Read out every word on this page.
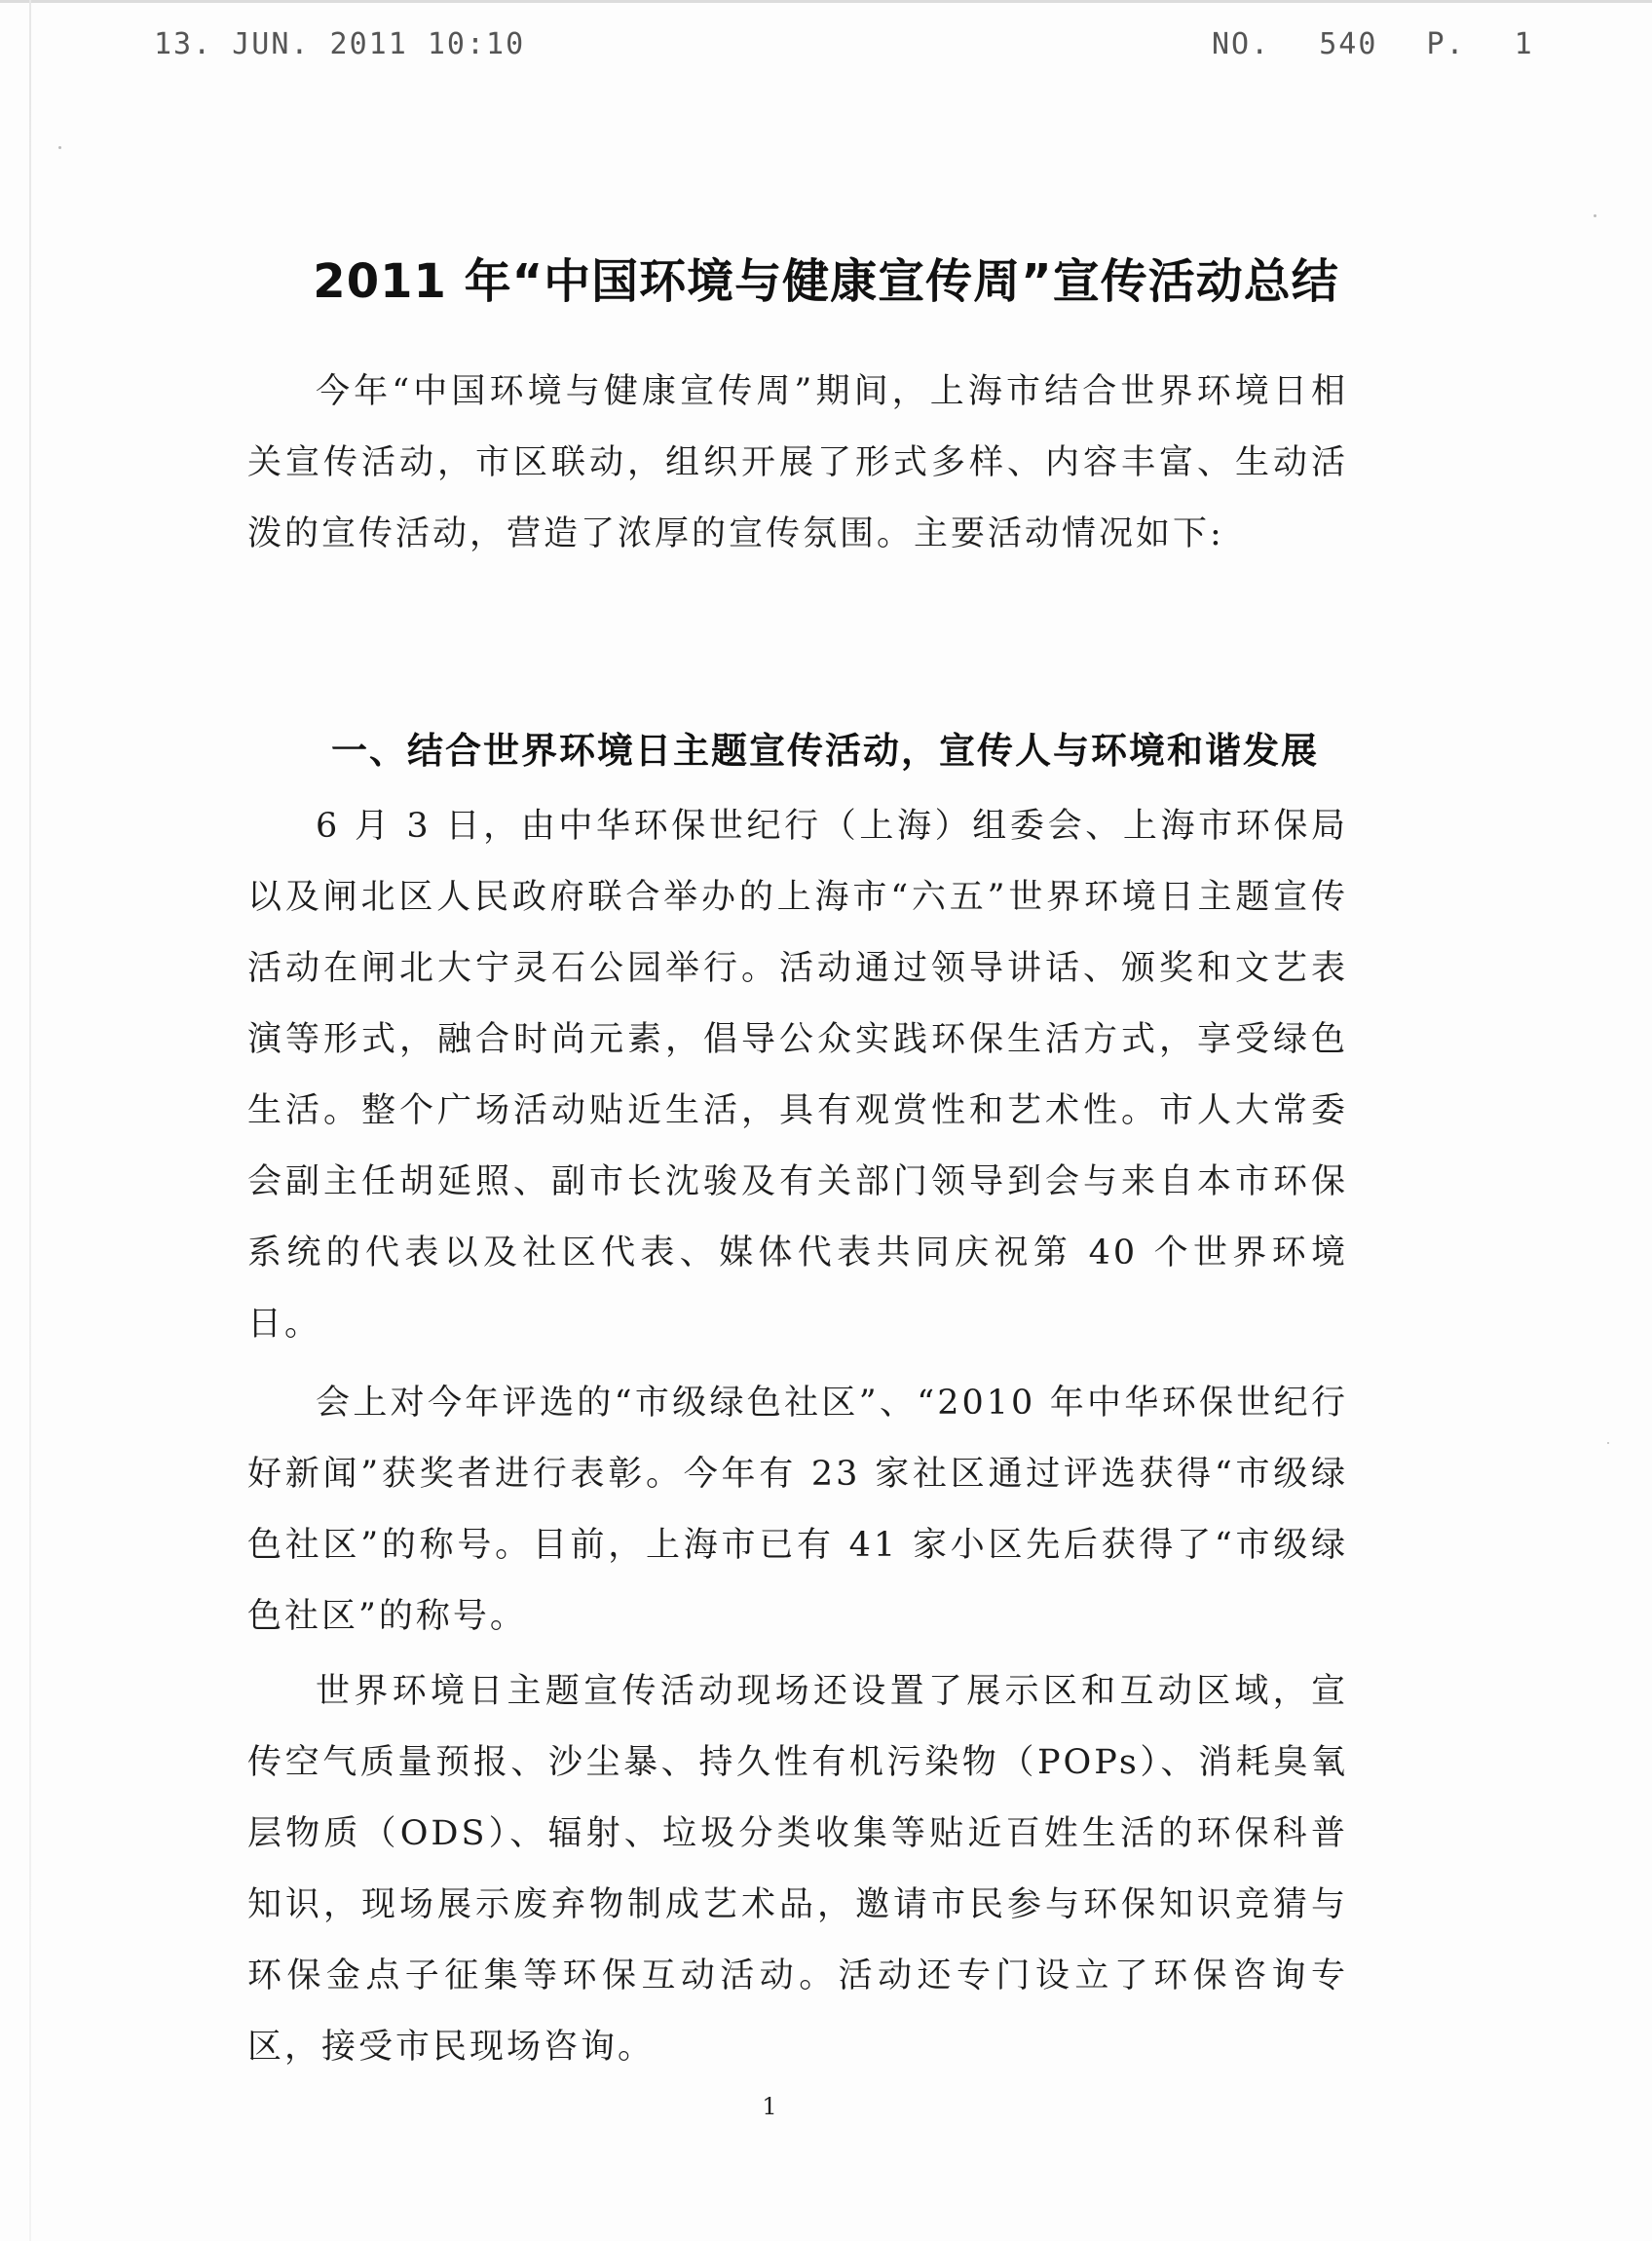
13. JUN. 2011 10:10	NO. 540 P. 1
2011 年“中国环境与健康宣传周”宣传活动总结

今年“中国环境与健康宣传周”期间，上海市结合世界环境日相关宣传活动，市区联动，组织开展了形式多样、内容丰富、生动活泼的宣传活动，营造了浓厚的宣传氛围。主要活动情况如下:

一、结合世界环境日主题宣传活动，宣传人与环境和谐发展

6 月 3 日，由中华环保世纪行（上海）组委会、上海市环保局以及闸北区人民政府联合举办的上海市“六五”世界环境日主题宣传活动在闸北大宁灵石公园举行。活动通过领导讲话、颁奖和文艺表演等形式，融合时尚元素，倡导公众实践环保生活方式，享受绿色生活。整个广场活动贴近生活，具有观赏性和艺术性。市人大常委会副主任胡延照、副市长沈骏及有关部门领导到会与来自本市环保系统的代表以及社区代表、媒体代表共同庆祝第 40 个世界环境日。

会上对今年评选的“市级绿色社区”、“2010 年中华环保世纪行好新闻”获奖者进行表彰。今年有 23 家社区通过评选获得“市级绿色社区”的称号。目前，上海市已有 41 家小区先后获得了“市级绿色社区”的称号。

世界环境日主题宣传活动现场还设置了展示区和互动区域，宣传空气质量预报、沙尘暴、持久性有机污染物（POPs）、消耗臭氧层物质（ODS）、辐射、垃圾分类收集等贴近百姓生活的环保科普知识，现场展示废弃物制成艺术品，邀请市民参与环保知识竞猜与环保金点子征集等环保互动活动。活动还专门设立了环保咨询专区，接受市民现场咨询。

1
